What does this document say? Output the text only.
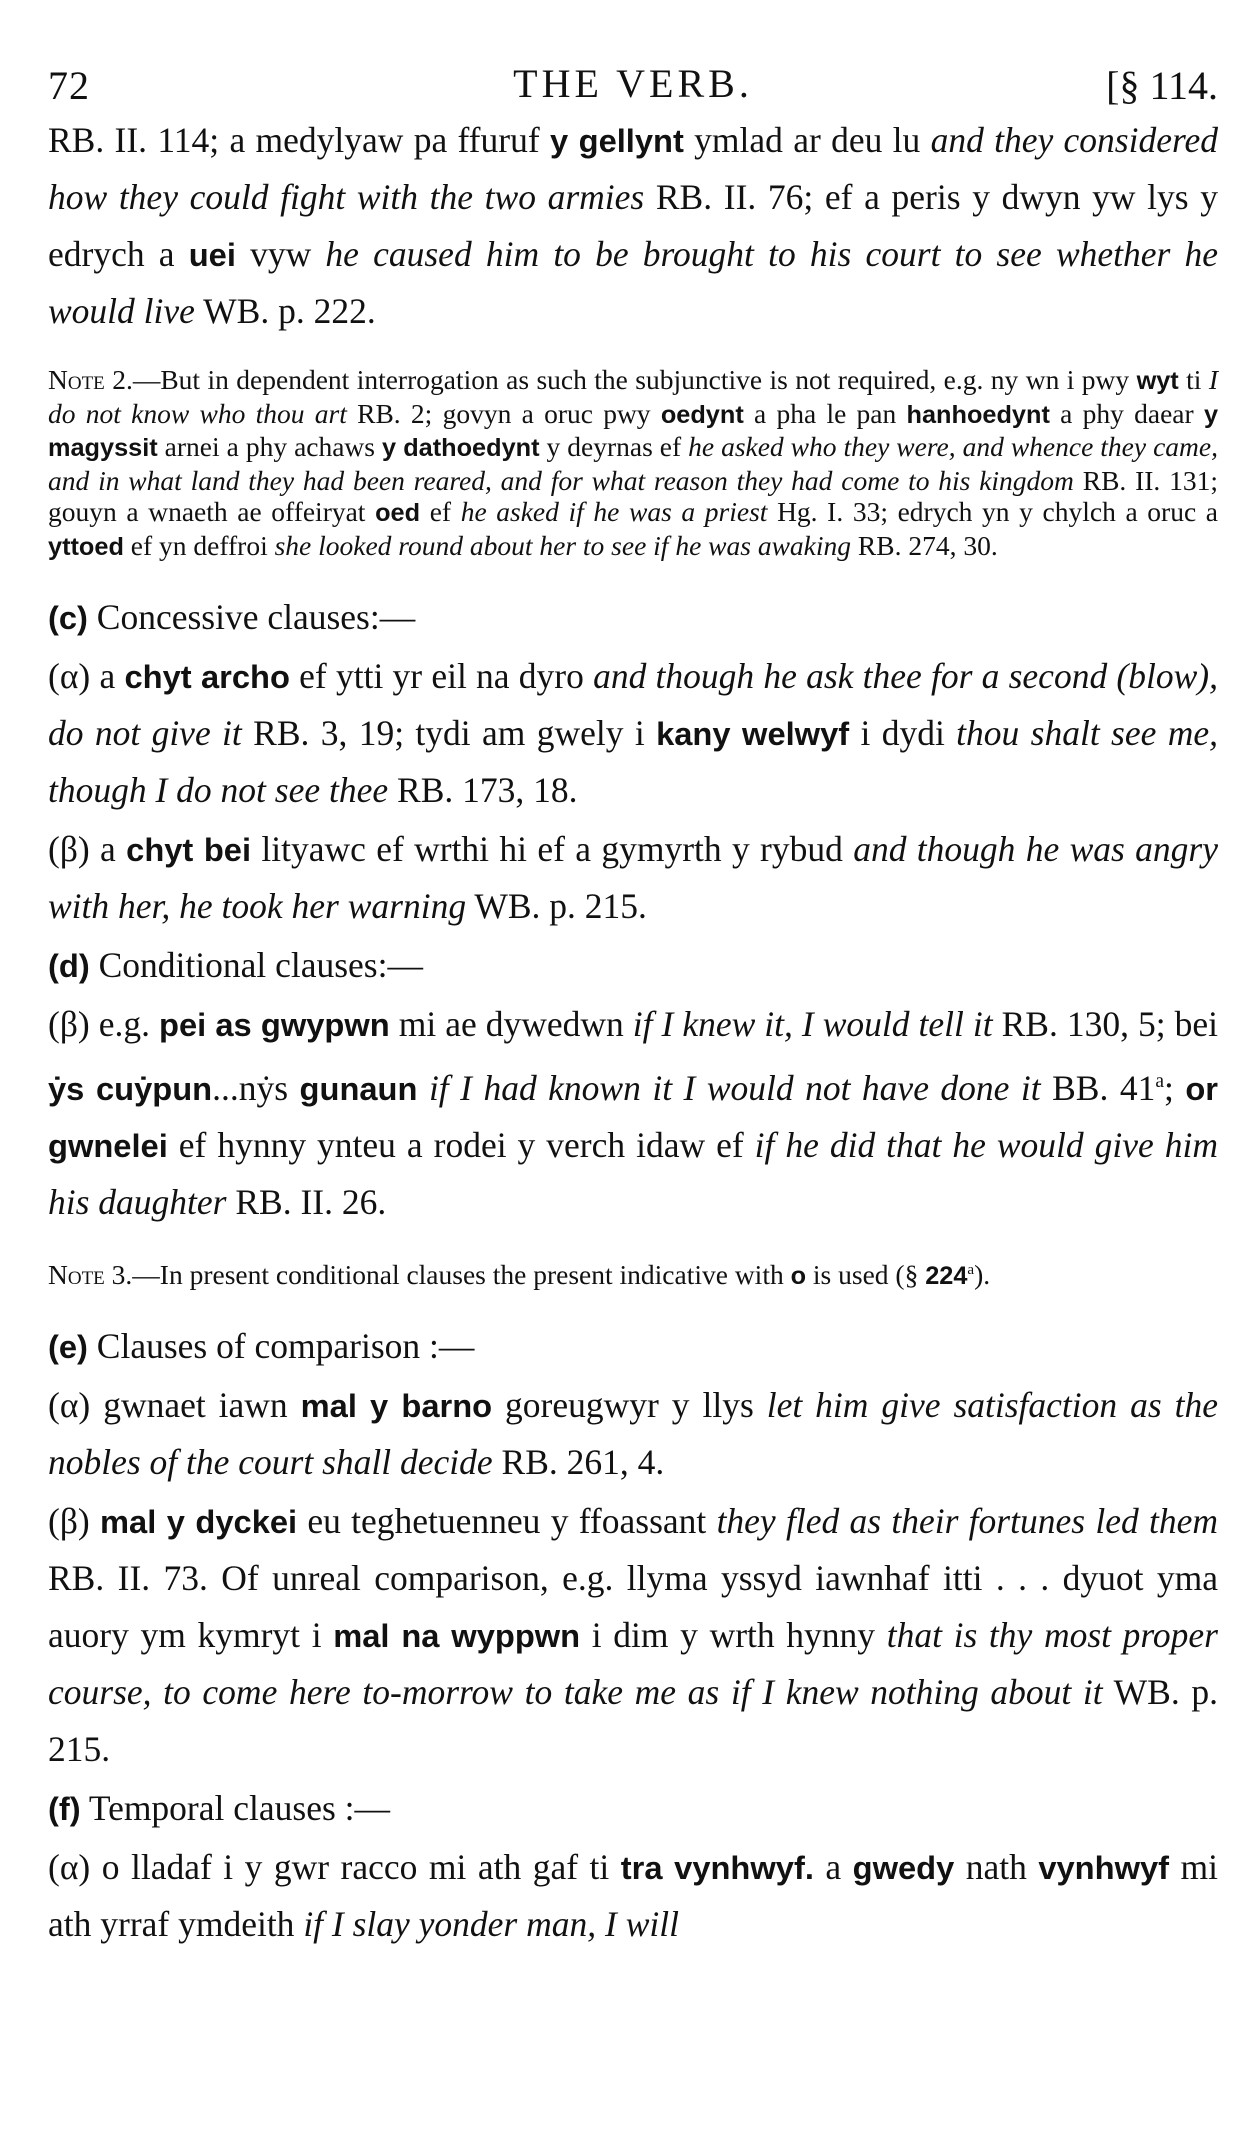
72	THE VERB.	[§ 114.

RB. II. 114; a medylyaw pa ffuruf y gellynt ymlad ar deu lu and they considered how they could fight with the two armies RB. II. 76; ef a peris y dwyn yw lys y edrych a uei vyw he caused him to be brought to his court to see whether he would live WB. p. 222.

Note 2.—But in dependent interrogation as such the subjunctive is not required, e.g. ny wn i pwy wyt ti I do not know who thou art RB. 2; govyn a oruc pwy oedynt a pha le pan hanhoedynt a phy daear y magyssit arnei a phy achaws y dathoedynt y deyrnas ef he asked who they were, and whence they came, and in what land they had been reared, and for what reason they had come to his kingdom RB. II. 131; gouyn a wnaeth ae offeiryat oed ef he asked if he was a priest Hg. I. 33; edrych yn y chylch a oruc a yttoed ef yn deffroi she looked round about her to see if he was awaking RB. 274, 30.

(c) Concessive clauses:—

(α) a chyt archo ef ytti yr eil na dyro and though he ask thee for a second (blow), do not give it RB. 3, 19; tydi am gwely i kany welwyf i dydi thou shalt see me, though I do not see thee RB. 173, 18.

(β) a chyt bei lityawc ef wrthi hi ef a gymyrth y rybud and though he was angry with her, he took her warning WB. p. 215.

(d) Conditional clauses:—

(β) e.g. pei as gwypwn mi ae dywedwn if I knew it, I would tell it RB. 130, 5; bei ẏs cuẏpun...nẏs gunaun if I had known it I would not have done it BB. 41$^a$; or gwnelei ef hynny ynteu a rodei y verch idaw ef if he did that he would give him his daughter RB. II. 26.

Note 3.—In present conditional clauses the present indicative with o is used (§ 224$^a$).

(e) Clauses of comparison :—

(α) gwnaet iawn mal y barno goreugwyr y llys let him give satisfaction as the nobles of the court shall decide RB. 261, 4.

(β) mal y dyckei eu teghetuenneu y ffoassant they fled as their fortunes led them RB. II. 73. Of unreal comparison, e.g. llyma yssyd iawnhaf itti . . . dyuot yma auory ym kymryt i mal na wyppwn i dim y wrth hynny that is thy most proper course, to come here to-morrow to take me as if I knew nothing about it WB. p. 215.

(f) Temporal clauses :—

(α) o lladaf i y gwr racco mi ath gaf ti tra vynhwyf. a gwedy nath vynhwyf mi ath yrraf ymdeith if I slay yonder man, I will
